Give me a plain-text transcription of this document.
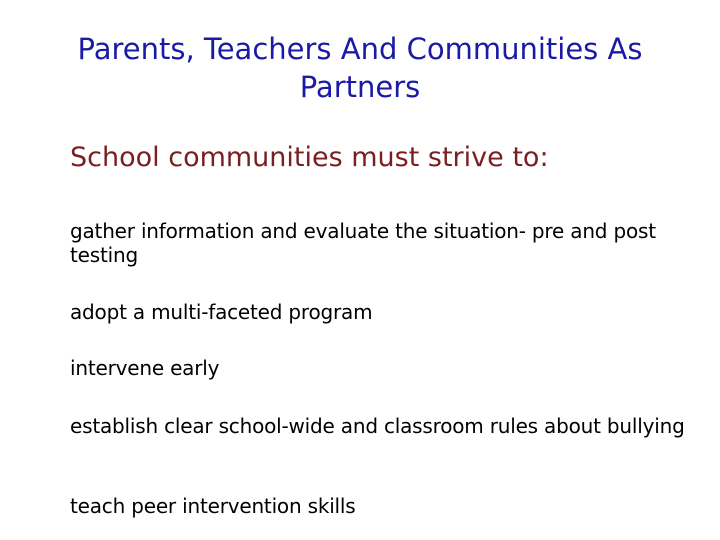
Parents, Teachers And Communities As Partners
School communities must strive to:
gather information and evaluate the situation- pre and post testing
adopt a multi-faceted program
intervene early
establish clear school-wide and classroom rules about bullying
teach peer intervention skills
